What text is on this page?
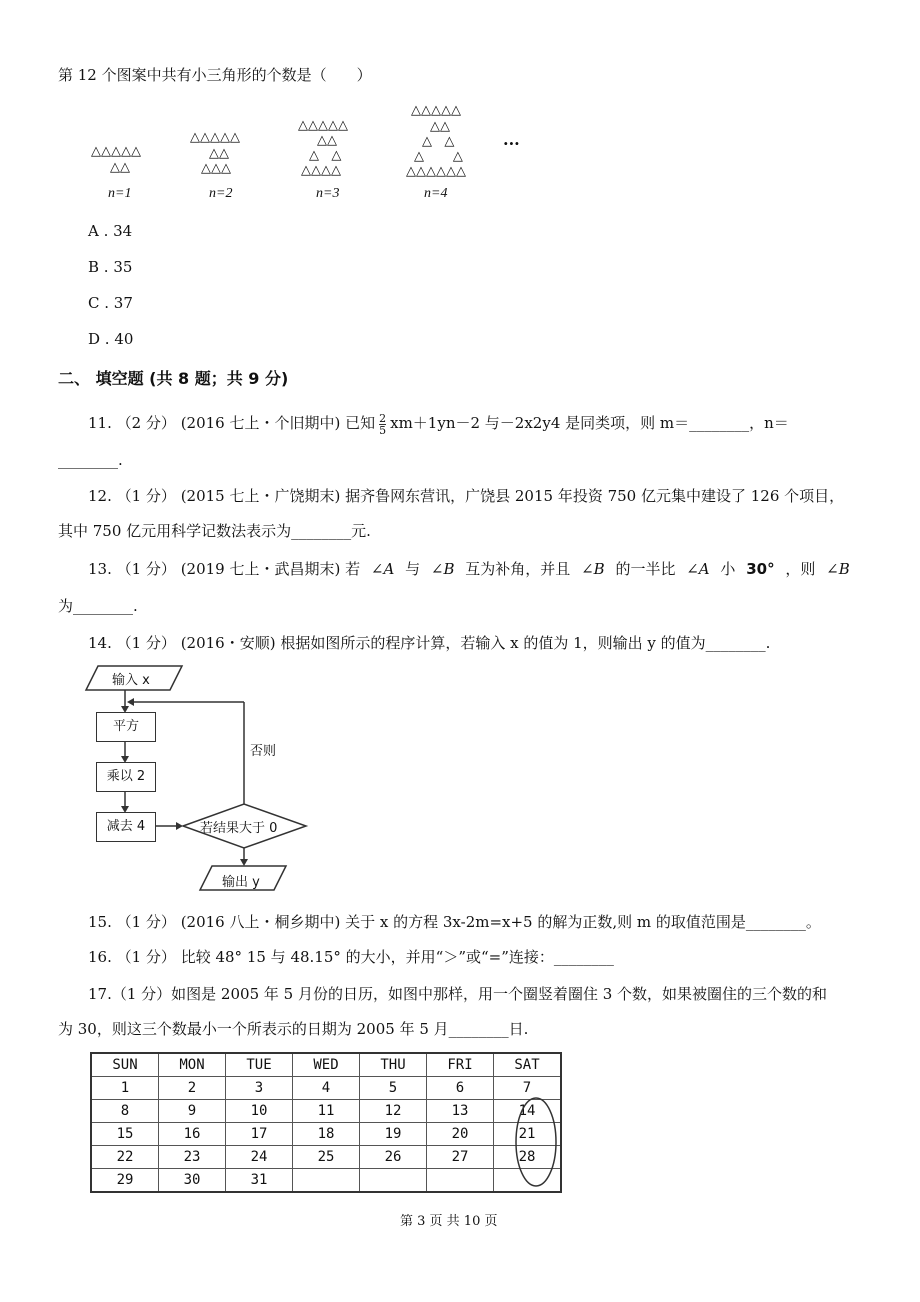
第 12 个图案中共有小三角形的个数是（　　）
△△△△△
△△
△△△△△
△△
△△△
△△△△△
△△
△   △
△△△△
△△△△△
△△
△   △
△       △
△△△△△△
···
n=1	n=2	n=3	n=4
A . 34
B . 35
C . 37
D . 40
二、 填空题 (共 8 题；共 9 分)
11. （2 分） (2016 七上・个旧期中) 已知 $\frac{2}{5} xm+1yn-2$ 与－2x2y4 是同类项，则 m＝________，n＝
________.
12. （1 分） (2015 七上・广饶期末) 据齐鲁网东营讯，广饶县 2015 年投资 750 亿元集中建设了 126 个项目，
其中 750 亿元用科学记数法表示为________元.
13. （1 分） (2019 七上・武昌期末) 若 ∠A 与 ∠B 互为补角，并且 ∠B 的一半比 ∠A 小 30° ，则 ∠B
为________.
14. （1 分） (2016・安顺) 根据如图所示的程序计算，若输入 x 的值为 1，则输出 y 的值为________.
输入 x
平方
乘以 2
减去 4	若结果大于 0
否则
输出 y
15. （1 分） (2016 八上・桐乡期中) 关于 x 的方程 3x-2m=x+5 的解为正数,则 m 的取值范围是________。
16. （1 分） 比较 48° 15 与 48.15° 的大小，并用“＞”或“=”连接：________
17.（1 分）如图是 2005 年 5 月份的日历，如图中那样，用一个圈竖着圈住 3 个数，如果被圈住的三个数的和
为 30，则这三个数最小一个所表示的日期为 2005 年 5 月________日.
SUN	MON	TUE	WED	THU	FRI	SAT
1	2	3	4	5	6	7
8	9	10	11	12	13	14
15	16	17	18	19	20	21
22	23	24	25	26	27	28
29	30	31				
第 3 页 共 10 页
